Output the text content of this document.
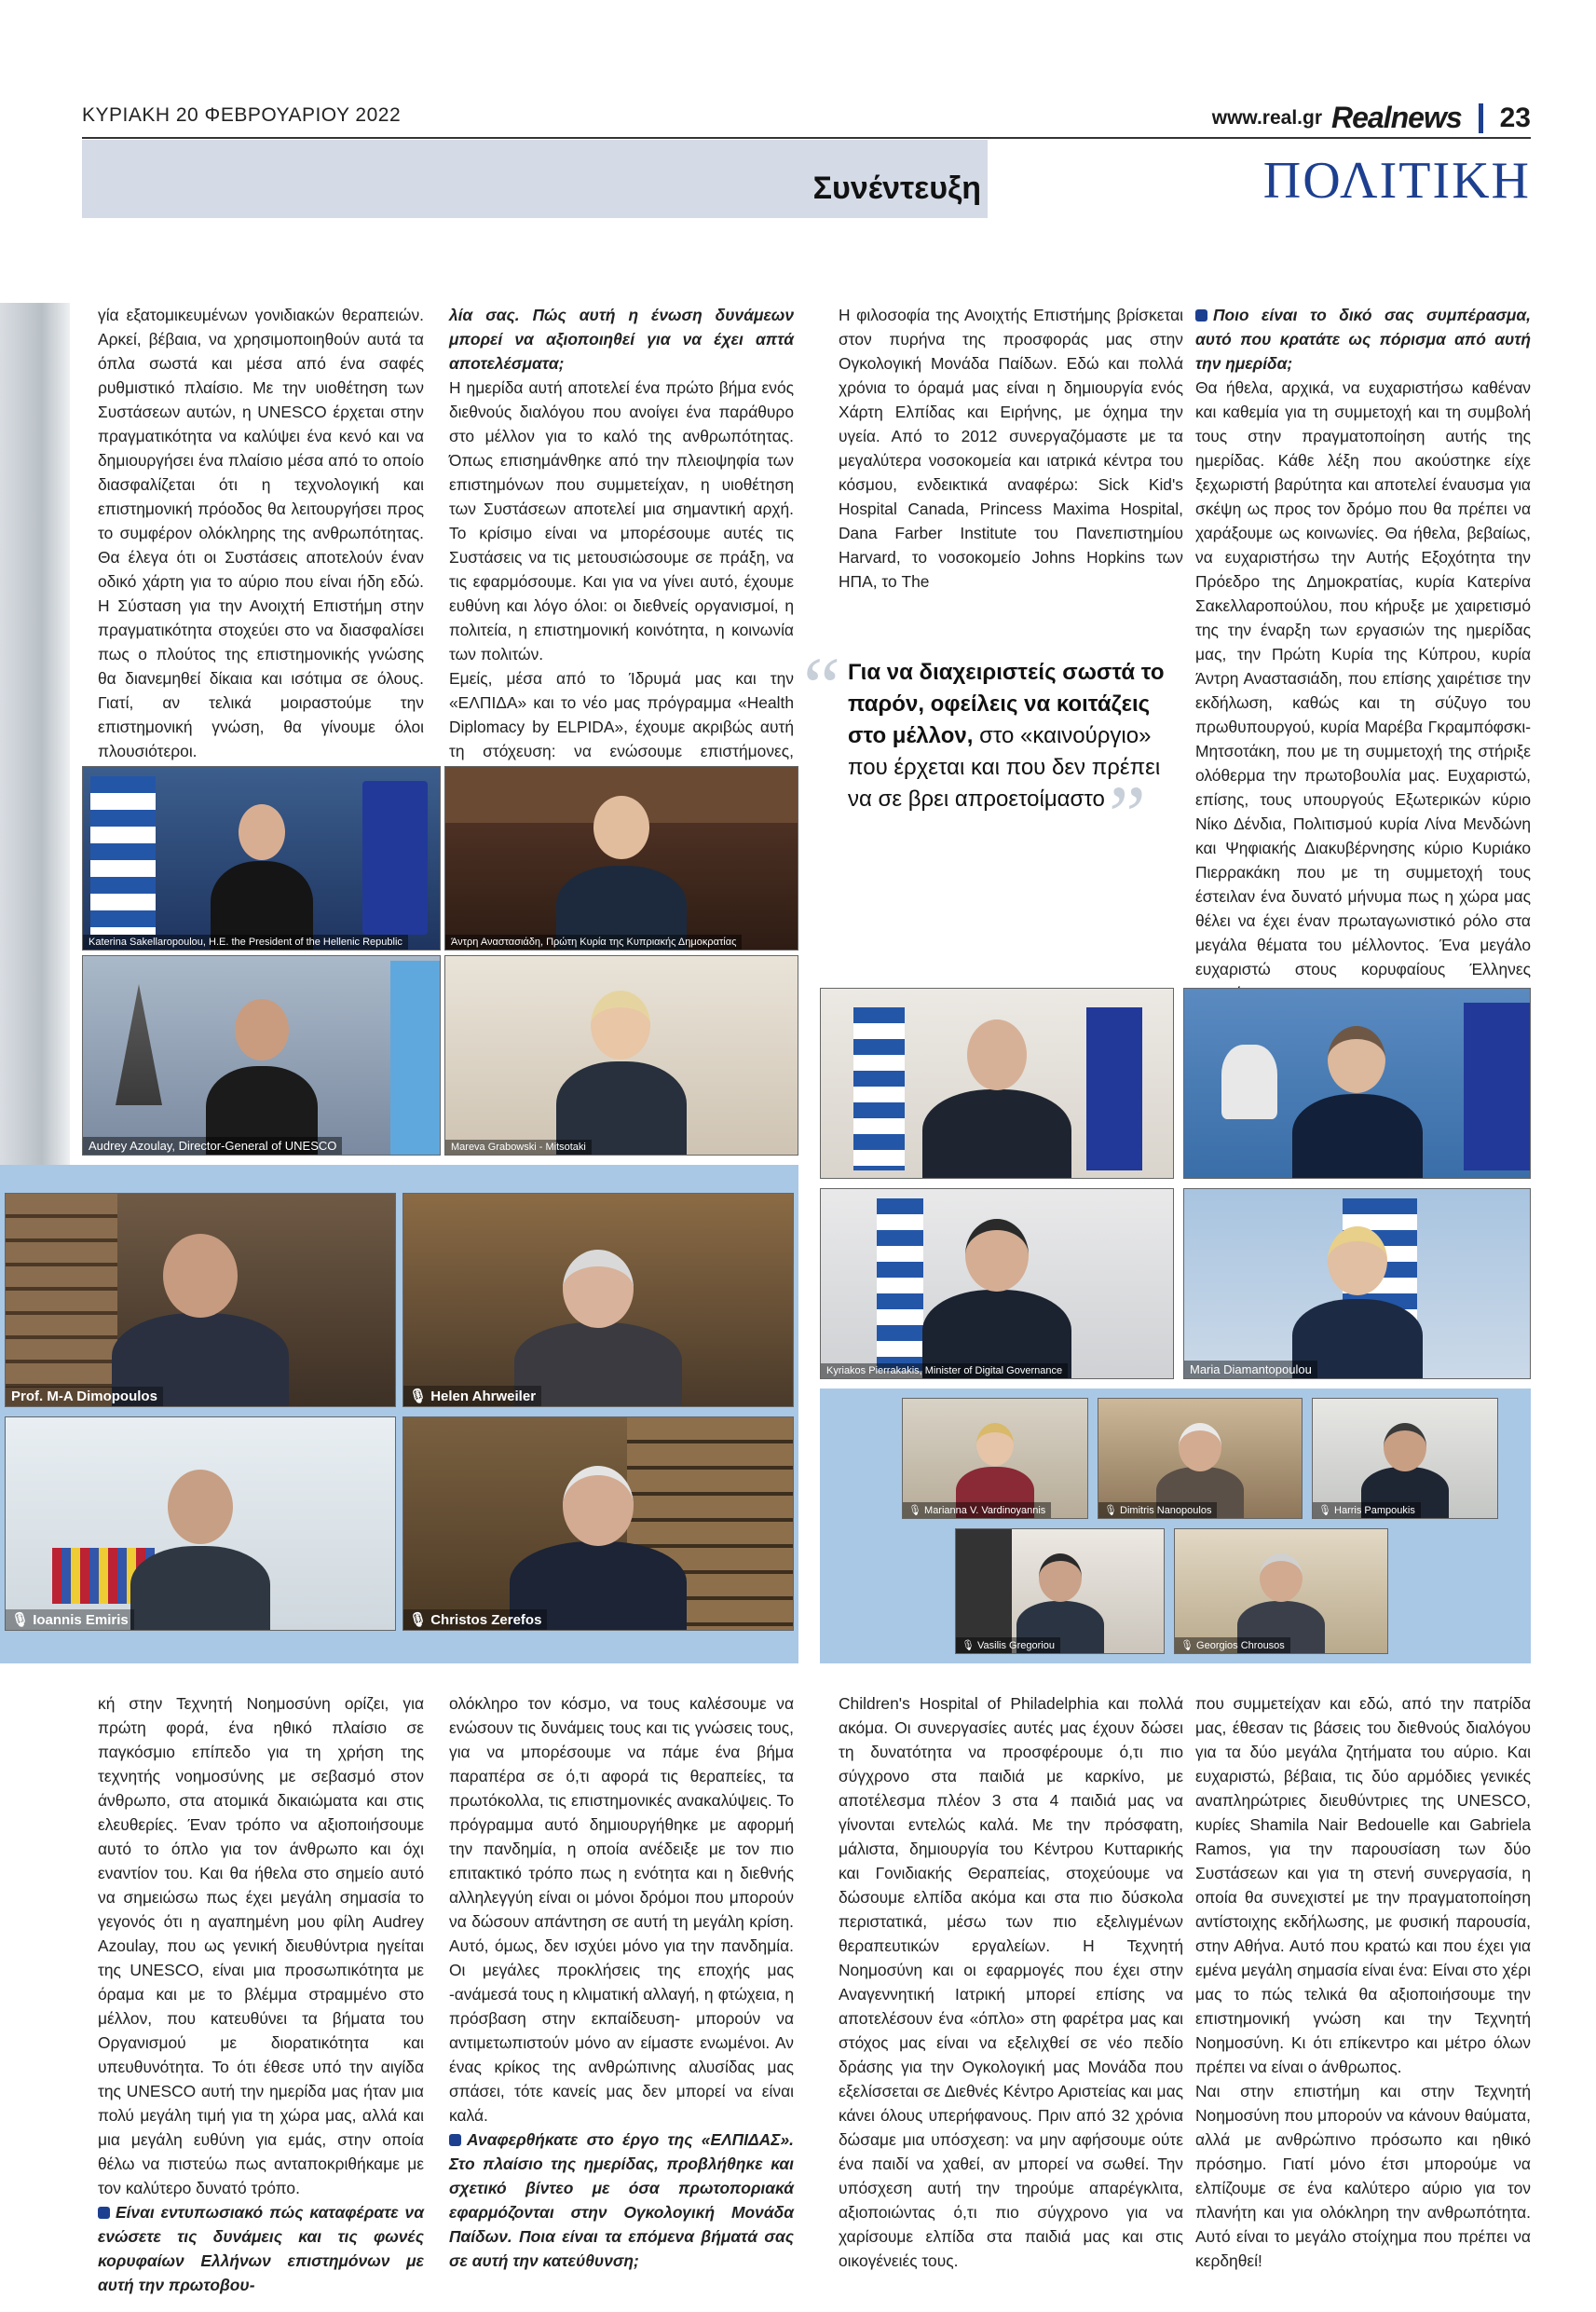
ΚΥΡΙΑΚΗ 20 ΦΕΒΡΟΥΑΡΙΟΥ 2022	www.real.gr Realnews 23
Συνέντευξη	ΠΟΛΙΤΙΚΗ

γία εξατομικευμένων γονιδιακών θεραπειών. Αρκεί, βέβαια, να χρησιμοποιηθούν αυτά τα όπλα σωστά και μέσα από ένα σαφές ρυθμιστικό πλαίσιο. Με την υιοθέτηση των Συστάσεων αυτών, η UNESCO έρχεται στην πραγματικότητα να καλύψει ένα κενό και να δημιουργήσει ένα πλαίσιο μέσα από το οποίο διασφαλίζεται ότι η τεχνολογική και επιστημονική πρόοδος θα λειτουργήσει προς το συμφέρον ολόκληρης της ανθρωπότητας. Θα έλεγα ότι οι Συστάσεις αποτελούν έναν οδικό χάρτη για το αύριο που είναι ήδη εδώ. Η Σύσταση για την Ανοιχτή Επιστήμη στην πραγματικότητα στοχεύει στο να διασφαλίσει πως ο πλούτος της επιστημονικής γνώσης θα διανεμηθεί δίκαια και ισότιμα σε όλους. Γιατί, αν τελικά μοιραστούμε την επιστημονική γνώση, θα γίνουμε όλοι πλουσιότεροι.

λία σας. Πώς αυτή η ένωση δυνάμεων μπορεί να αξιοποιηθεί για να έχει απτά αποτελέσματα;

Η ημερίδα αυτή αποτελεί ένα πρώτο βήμα ενός διεθνούς διαλόγου που ανοίγει ένα παράθυρο στο μέλλον για το καλό της ανθρωπότητας. Όπως επισημάνθηκε από την πλειοψηφία των επιστημόνων που συμμετείχαν, η υιοθέτηση των Συστάσεων αποτελεί μια σημαντική αρχή. Το κρίσιμο είναι να μπορέσουμε αυτές τις Συστάσεις να τις μετουσιώσουμε σε πράξη, να τις εφαρμόσουμε. Και για να γίνει αυτό, έχουμε ευθύνη και λόγο όλοι: οι διεθνείς οργανισμοί, η πολιτεία, η επιστημονική κοινότητα, η κοινωνία των πολιτών.

Εμείς, μέσα από το Ίδρυμά μας και την «ΕΛΠΙΔΑ» και το νέο μας πρόγραμμα «Health Diplomacy by ELPIDA», έχουμε ακριβώς αυτή τη στόχευση: να ενώσουμε επιστήμονες,

Η φιλοσοφία της Ανοιχτής Επιστήμης βρίσκεται στον πυρήνα της προσφοράς μας στην Ογκολογική Μονάδα Παίδων. Εδώ και πολλά χρόνια το όραμά μας είναι η δημιουργία ενός Χάρτη Ελπίδας και Ειρήνης, με όχημα την υγεία. Από το 2012 συνεργαζόμαστε με τα μεγαλύτερα νοσοκομεία και ιατρικά κέντρα του κόσμου, ενδεικτικά αναφέρω: Sick Kid's Hospital Canada, Princess Maxima Hospital, Dana Farber Institute του Πανεπιστημίου Harvard, το νοσοκομείο Johns Hopkins των ΗΠΑ, το The

Ποιο είναι το δικό σας συμπέρασμα, αυτό που κρατάτε ως πόρισμα από αυτή την ημερίδα;

Θα ήθελα, αρχικά, να ευχαριστήσω καθέναν και καθεμία για τη συμμετοχή και τη συμβολή τους στην πραγματοποίηση αυτής της ημερίδας. Κάθε λέξη που ακούστηκε είχε ξεχωριστή βαρύτητα και αποτελεί έναυσμα για σκέψη ως προς τον δρόμο που θα πρέπει να χαράξουμε ως κοινωνίες. Θα ήθελα, βεβαίως, να ευχαριστήσω την Αυτής Εξοχότητα την Πρόεδρο της Δημοκρατίας, κυρία Κατερίνα Σακελλαροπούλου, που κήρυξε με χαιρετισμό της την έναρξη των εργασιών της ημερίδας μας, την Πρώτη Κυρία της Κύπρου, κυρία Άντρη Αναστασιάδη, που επίσης χαιρέτισε την εκδήλωση, καθώς και τη σύζυγο του πρωθυπουργού, κυρία Μαρέβα Γκραμπόφσκι-Μητσοτάκη, που με τη συμμετοχή της στήριξε ολόθερμα την πρωτοβουλία μας. Ευχαριστώ, επίσης, τους υπουργούς Εξωτερικών κύριο Νίκο Δένδια, Πολιτισμού κυρία Λίνα Μενδώνη και Ψηφιακής Διακυβέρνησης κύριο Κυριάκο Πιερρακάκη που με τη συμμετοχή τους έστειλαν ένα δυνατό μήνυμα πως η χώρα μας θέλει να έχει έναν πρωταγωνιστικό ρόλο στα μεγάλα θέματα του μέλλοντος. Ένα μεγάλο ευχαριστώ στους κορυφαίους Έλληνες

“ Για να διαχειριστείς σωστά το παρόν, οφείλεις να κοιτάζεις στο μέλλον, στο «καινούργιο» που έρχεται και που δεν πρέπει να σε βρει απροετοίμαστο”
Katerina Sakellaropoulou, H.E. the President of the Hellenic Republic	Άντρη Αναστασιάδη, Πρώτη Κυρία της Κυπριακής Δημοκρατίας
Audrey Azoulay, Director-General of UNESCO	Mareva Grabowski - Mitsotaki
Prof. M-A Dimopoulos	🎙 Helen Ahrweiler
🎙 Ioannis Emiris	🎙 Christos Zerefos
Kyriakos Pierrakakis, Minister of Digital Governance	Maria Diamantopoulou
🎙 Marianna V. Vardinoyannis	🎙 Dimitris Nanopoulos	🎙 Harris Pampoukis
🎙 Vasilis Gregoriou	🎙 Georgios Chrousos

κή στην Τεχνητή Νοημοσύνη ορίζει, για πρώτη φορά, ένα ηθικό πλαίσιο σε παγκόσμιο επίπεδο για τη χρήση της τεχνητής νοημοσύνης με σεβασμό στον άνθρωπο, στα ατομικά δικαιώματα και στις ελευθερίες. Έναν τρόπο να αξιοποιήσουμε αυτό το όπλο για τον άνθρωπο και όχι εναντίον του. Και θα ήθελα στο σημείο αυτό να σημειώσω πως έχει μεγάλη σημασία το γεγονός ότι η αγαπημένη μου φίλη Audrey Azoulay, που ως γενική διευθύντρια ηγείται της UNESCO, είναι μια προσωπικότητα με όραμα και με το βλέμμα στραμμένο στο μέλλον, που κατευθύνει τα βήματα του Οργανισμού με διορατικότητα και υπευθυνότητα. Το ότι έθεσε υπό την αιγίδα της UNESCO αυτή την ημερίδα μας ήταν μια πολύ μεγάλη τιμή για τη χώρα μας, αλλά και μια μεγάλη ευθύνη για εμάς, στην οποία θέλω να πιστεύω πως ανταποκριθήκαμε με τον καλύτερο δυνατό τρόπο.

Είναι εντυπωσιακό πώς καταφέρατε να ενώσετε τις δυνάμεις και τις φωνές κορυφαίων Ελλήνων επιστημόνων με αυτή την πρωτοβου-

ολόκληρο τον κόσμο, να τους καλέσουμε να ενώσουν τις δυνάμεις τους και τις γνώσεις τους, για να μπορέσουμε να πάμε ένα βήμα παραπέρα σε ό,τι αφορά τις θεραπείες, τα πρωτόκολλα, τις επιστημονικές ανακαλύψεις. Το πρόγραμμα αυτό δημιουργήθηκε με αφορμή την πανδημία, η οποία ανέδειξε με τον πιο επιτακτικό τρόπο πως η ενότητα και η διεθνής αλληλεγγύη είναι οι μόνοι δρόμοι που μπορούν να δώσουν απάντηση σε αυτή τη μεγάλη κρίση. Αυτό, όμως, δεν ισχύει μόνο για την πανδημία. Οι μεγάλες προκλήσεις της εποχής μας -ανάμεσά τους η κλιματική αλλαγή, η φτώχεια, η πρόσβαση στην εκπαίδευση- μπορούν να αντιμετωπιστούν μόνο αν είμαστε ενωμένοι. Αν ένας κρίκος της ανθρώπινης αλυσίδας μας σπάσει, τότε κανείς μας δεν μπορεί να είναι καλά.

Αναφερθήκατε στο έργο της «ΕΛΠΙΔΑΣ». Στο πλαίσιο της ημερίδας, προβλήθηκε και σχετικό βίντεο με όσα πρωτοποριακά εφαρμόζονται στην Ογκολογική Μονάδα Παίδων. Ποια είναι τα επόμενα βήματά σας σε αυτή την κατεύθυνση;

Children's Hospital of Philadelphia και πολλά ακόμα. Οι συνεργασίες αυτές μας έχουν δώσει τη δυνατότητα να προσφέρουμε ό,τι πιο σύγχρονο στα παιδιά με καρκίνο, με αποτέλεσμα πλέον 3 στα 4 παιδιά μας να γίνονται εντελώς καλά. Με την πρόσφατη, μάλιστα, δημιουργία του Κέντρου Κυτταρικής και Γονιδιακής Θεραπείας, στοχεύουμε να δώσουμε ελπίδα ακόμα και στα πιο δύσκολα περιστατικά, μέσω των πιο εξελιγμένων θεραπευτικών εργαλείων. Η Τεχνητή Νοημοσύνη και οι εφαρμογές που έχει στην Αναγεννητική Ιατρική μπορεί επίσης να αποτελέσουν ένα «όπλο» στη φαρέτρα μας και στόχος μας είναι να εξελιχθεί σε νέο πεδίο δράσης για την Ογκολογική μας Μονάδα που εξελίσσεται σε Διεθνές Κέντρο Αριστείας και μας κάνει όλους υπερήφανους. Πριν από 32 χρόνια δώσαμε μια υπόσχεση: να μην αφήσουμε ούτε ένα παιδί να χαθεί, αν μπορεί να σωθεί. Την υπόσχεση αυτή την τηρούμε απαρέγκλιτα, αξιοποιώντας ό,τι πιο σύγχρονο για να χαρίσουμε ελπίδα στα παιδιά μας και στις οικογένειές τους.

που συμμετείχαν και εδώ, από την πατρίδα μας, έθεσαν τις βάσεις του διεθνούς διαλόγου για τα δύο μεγάλα ζητήματα του αύριο. Και ευχαριστώ, βέβαια, τις δύο αρμόδιες γενικές αναπληρώτριες διευθύντριες της UNESCO, κυρίες Shamila Nair Bedouelle και Gabriela Ramos, για την παρουσίαση των δύο Συστάσεων και για τη στενή συνεργασία, η οποία θα συνεχιστεί με την πραγματοποίηση αντίστοιχης εκδήλωσης, με φυσική παρουσία, στην Αθήνα. Αυτό που κρατώ και που έχει για εμένα μεγάλη σημασία είναι ένα: Είναι στο χέρι μας το πώς τελικά θα αξιοποιήσουμε την επιστημονική γνώση και την Τεχνητή Νοημοσύνη. Κι ότι επίκεντρο και μέτρο όλων πρέπει να είναι ο άνθρωπος.

Ναι στην επιστήμη και στην Τεχνητή Νοημοσύνη που μπορούν να κάνουν θαύματα, αλλά με ανθρώπινο πρόσωπο και ηθικό πρόσημο. Γιατί μόνο έτσι μπορούμε να ελπίζουμε σε ένα καλύτερο αύριο για τον πλανήτη και για ολόκληρη την ανθρωπότητα. Αυτό είναι το μεγάλο στοίχημα που πρέπει να κερδηθεί!
